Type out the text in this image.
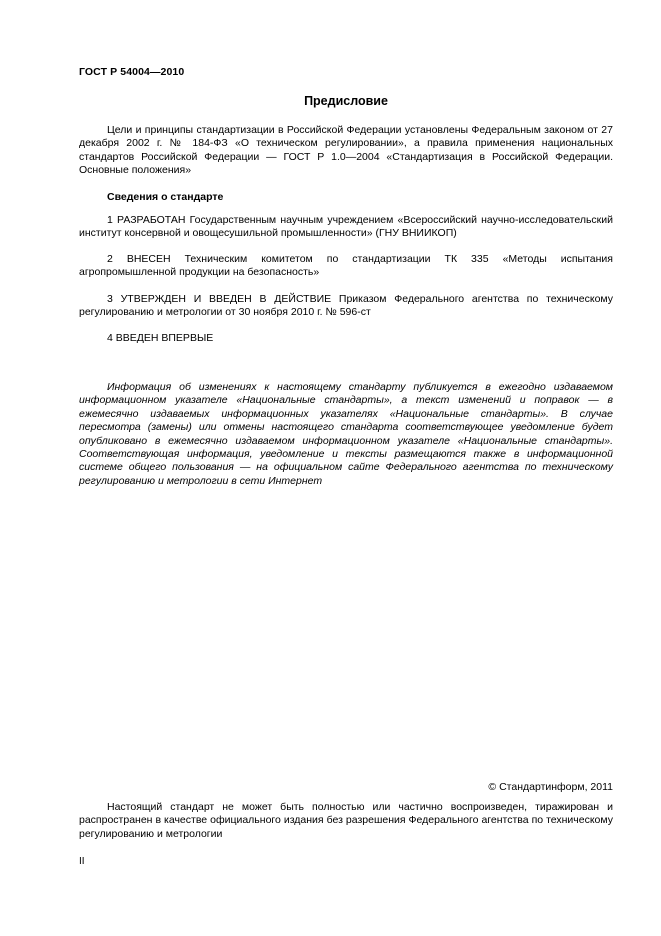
ГОСТ Р 54004—2010
Предисловие

Цели и принципы стандартизации в Российской Федерации установлены Федеральным законом от 27 декабря 2002 г. № 184-ФЗ «О техническом регулировании», а правила применения национальных стандартов Российской Федерации — ГОСТ Р 1.0—2004 «Стандартизация в Российской Федерации. Основные положения»

Сведения о стандарте

1 РАЗРАБОТАН Государственным научным учреждением «Всероссийский научно-исследовательский институт консервной и овощесушильной промышленности» (ГНУ ВНИИКОП)

2 ВНЕСЕН Техническим комитетом по стандартизации ТК 335 «Методы испытания агропромышленной продукции на безопасность»

3 УТВЕРЖДЕН И ВВЕДЕН В ДЕЙСТВИЕ Приказом Федерального агентства по техническому регулированию и метрологии от 30 ноября 2010 г. № 596-ст

4 ВВЕДЕН ВПЕРВЫЕ

Информация об изменениях к настоящему стандарту публикуется в ежегодно издаваемом информационном указателе «Национальные стандарты», а текст изменений и поправок — в ежемесячно издаваемых информационных указателях «Национальные стандарты». В случае пересмотра (замены) или отмены настоящего стандарта соответствующее уведомление будет опубликовано в ежемесячно издаваемом информационном указателе «Национальные стандарты». Соответствующая информация, уведомление и тексты размещаются также в информационной системе общего пользования — на официальном сайте Федерального агентства по техническому регулированию и метрологии в сети Интернет

© Стандартинформ, 2011

Настоящий стандарт не может быть полностью или частично воспроизведен, тиражирован и распространен в качестве официального издания без разрешения Федерального агентства по техническому регулированию и метрологии

II
